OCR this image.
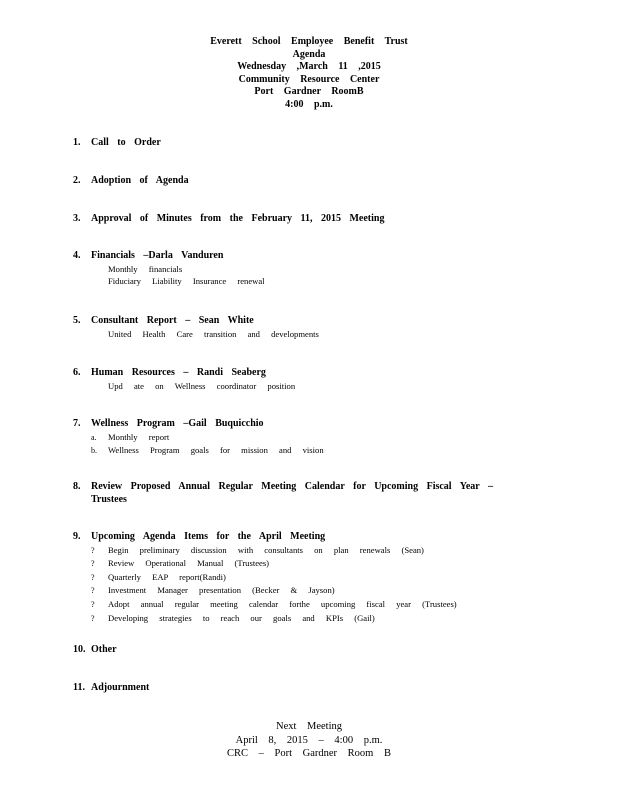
Everett School Employee Benefit Trust
Agenda
Wednesday ,March 11 ,2015
Community Resource Center
Port Gardner RoomB
4:00 p.m.
1. Call to Order
2. Adoption of Agenda
3. Approval of Minutes from the February 11, 2015 Meeting
4. Financials –Darla Vanduren
Monthly financials
Fiduciary Liability Insurance renewal
5. Consultant Report – Sean White
United Health Care transition and developments
6. Human Resources – Randi Seaberg
Upd ate on Wellness coordinator position
7. Wellness Program –Gail Buquicchio
a. Monthly report
b. Wellness Program goals for mission and vision
8. Review Proposed Annual Regular Meeting Calendar for Upcoming Fiscal Year –
Trustees
9. Upcoming Agenda Items for the April Meeting
? Begin preliminary discussion with consultants on plan renewals (Sean)
? Review Operational Manual (Trustees)
? Quarterly EAP report(Randi)
? Investment Manager presentation (Becker & Jayson)
? Adopt annual regular meeting calendar forthe upcoming fiscal year (Trustees)
? Developing strategies to reach our goals and KPIs (Gail)
10. Other
11. Adjournment
Next Meeting
April 8, 2015 – 4:00 p.m.
CRC – Port Gardner Room B
